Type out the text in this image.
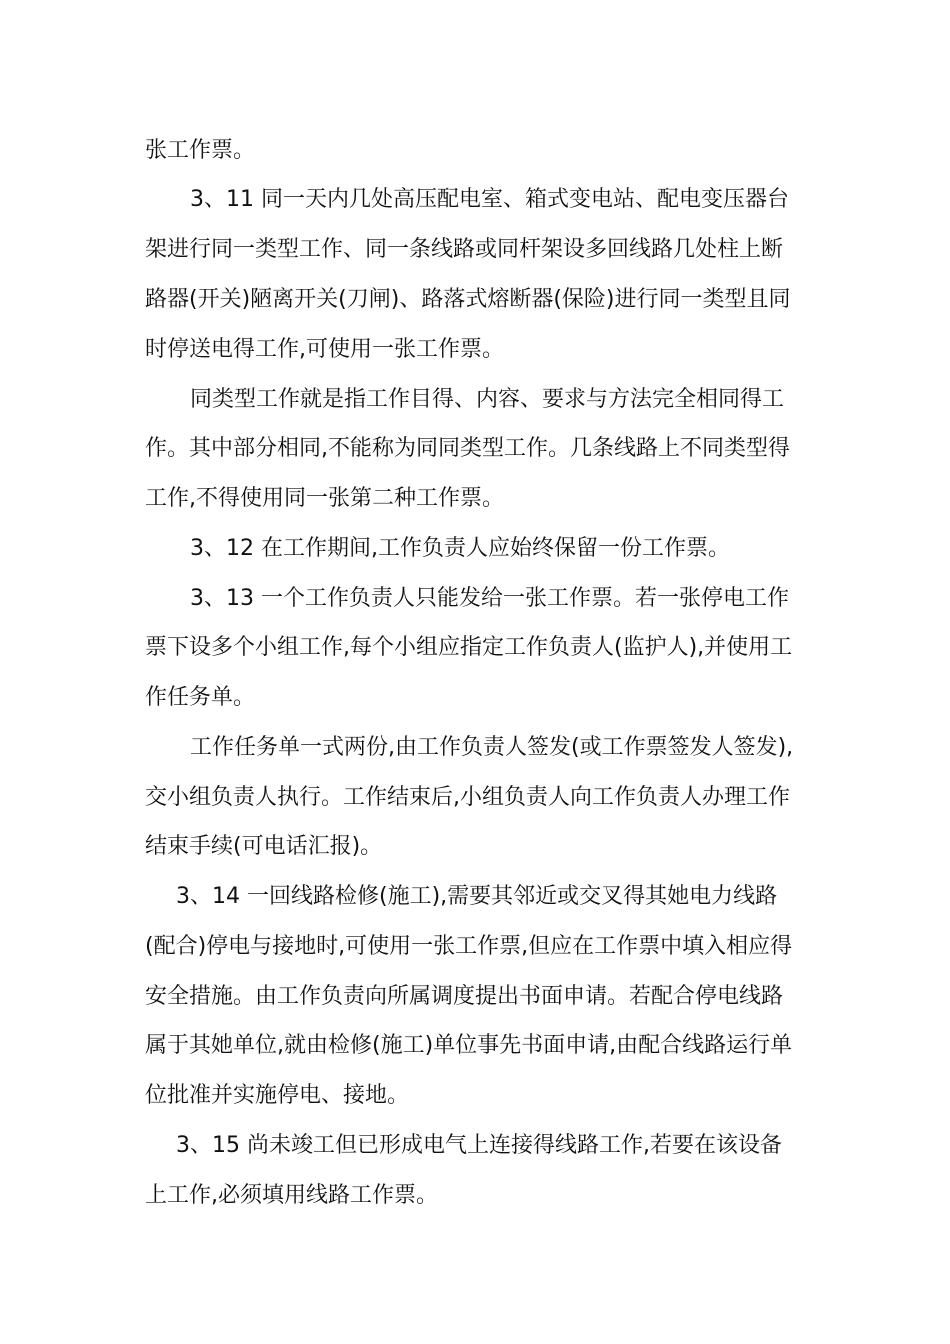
张工作票。
3、11 同一天内几处高压配电室、箱式变电站、配电变压器台
架进行同一类型工作、同一条线路或同杆架设多回线路几处柱上断
路器(开关)陋离开关(刀闸)、路落式熔断器(保险)进行同一类型且同
时停送电得工作,可使用一张工作票。
同类型工作就是指工作目得、内容、要求与方法完全相同得工
作。其中部分相同,不能称为同同类型工作。几条线路上不同类型得
工作,不得使用同一张第二种工作票。
3、12 在工作期间,工作负责人应始终保留一份工作票。
3、13 一个工作负责人只能发给一张工作票。若一张停电工作
票下设多个小组工作,每个小组应指定工作负责人(监护人),并使用工
作任务单。
工作任务单一式两份,由工作负责人签发(或工作票签发人签发),
交小组负责人执行。工作结束后,小组负责人向工作负责人办理工作
结束手续(可电话汇报)。
3、14 一回线路检修(施工),需要其邻近或交叉得其她电力线路
(配合)停电与接地时,可使用一张工作票,但应在工作票中填入相应得
安全措施。由工作负责向所属调度提出书面申请。若配合停电线路
属于其她单位,就由检修(施工)单位事先书面申请,由配合线路运行单
位批准并实施停电、接地。
3、15 尚未竣工但已形成电气上连接得线路工作,若要在该设备
上工作,必须填用线路工作票。
